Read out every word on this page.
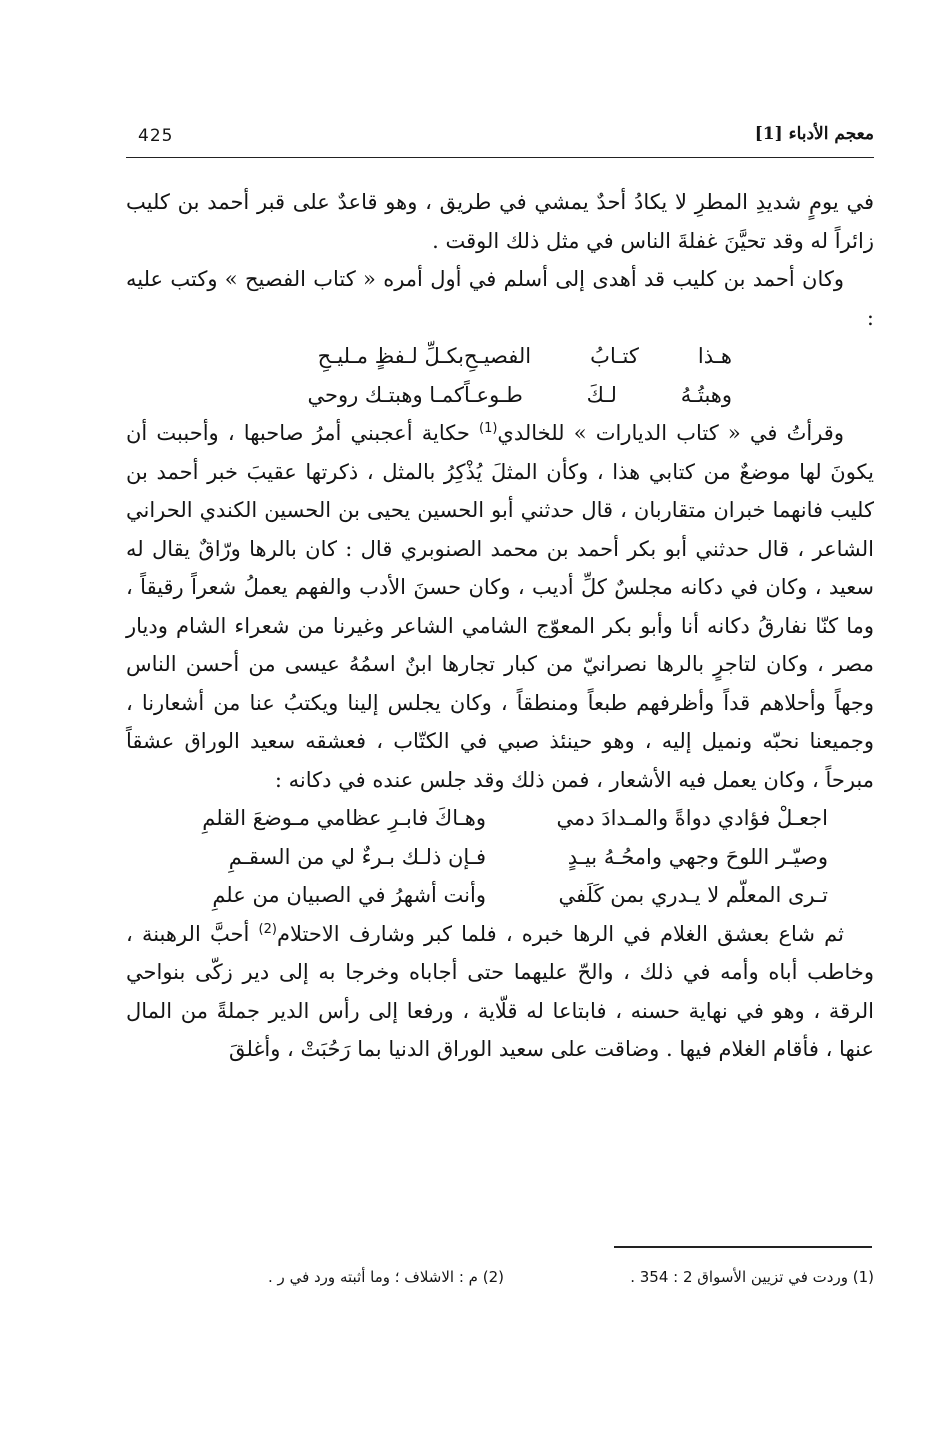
425	معجم الأدباء [1]

في يومٍ شديدِ المطرِ لا يكادُ أحدٌ يمشي في طريق ، وهو قاعدٌ على قبر أحمد بن كليب زائراً له وقد تحيَّنَ غفلةَ الناس في مثل ذلك الوقت .

وكان أحمد بن كليب قد أهدى إلى أسلم في أول أمره « كتاب الفصيح » وكتب عليه :

هـذا كتـابُ الفصيـحِ
بكـلِّ لـفظٍ مـليـحِ
وهبتُـهُ لـكَ طـوعـاً
كمـا وهبتـك روحي

وقرأتُ في « كتاب الديارات » للخالدي$^{(1)}$ حكاية أعجبني أمرُ صاحبها ، وأحببت أن يكونَ لها موضعٌ من كتابي هذا ، وكأن المثلَ يُذْكِرُ بالمثل ، ذكرتها عقيبَ خبر أحمد بن كليب فانهما خبران متقاربان ، قال حدثني أبو الحسين يحيى بن الحسين الكندي الحراني الشاعر ، قال حدثني أبو بكر أحمد بن محمد الصنوبري قال : كان بالرها ورّاقٌ يقال له سعيد ، وكان في دكانه مجلسٌ كلِّ أديب ، وكان حسنَ الأدب والفهم يعملُ شعراً رقيقاً ، وما كنّا نفارقُ دكانه أنا وأبو بكر المعوّج الشامي الشاعر وغيرنا من شعراء الشام وديار مصر ، وكان لتاجرٍ بالرها نصرانيّ من كبار تجارها ابنٌ اسمُهُ عيسى من أحسن الناس وجهاً وأحلاهم قداً وأظرفهم طبعاً ومنطقاً ، وكان يجلس إلينا ويكتبُ عنا من أشعارنا ، وجميعنا نحبّه ونميل إليه ، وهو حينئذ صبي في الكتّاب ، فعشقه سعيد الوراق عشقاً مبرحاً ، وكان يعمل فيه الأشعار ، فمن ذلك وقد جلس عنده في دكانه :

اجعـلْ فؤادي دواةً والمـدادَ دمي
وهـاكَ فابـرِ عظامي مـوضعَ القلمِ
وصيّـر اللوحَ وجهي وامحُـهُ بيـدٍ
فـإن ذلـك بـرءٌ لي من السقـمِ
تـرى المعلّم لا يـدري بمن كَلَفي
وأنت أشهرُ في الصبيان من علمِ

ثم شاع بعشق الغلام في الرها خبره ، فلما كبر وشارف الاحتلام$^{(2)}$ أحبَّ الرهبنة ، وخاطب أباه وأمه في ذلك ، والحّ عليهما حتى أجاباه وخرجا به إلى دير زكّى بنواحي الرقة ، وهو في نهاية حسنه ، فابتاعا له قلّاية ، ورفعا إلى رأس الدير جملةً من المال عنها ، فأقام الغلام فيها . وضاقت على سعيد الوراق الدنيا بما رَحُبَتْ ، وأغلقَ

(1) وردت في تزيين الأسواق 2 : 354 .
(2) م : الاشلاف ؛ وما أثبته ورد في ر .
